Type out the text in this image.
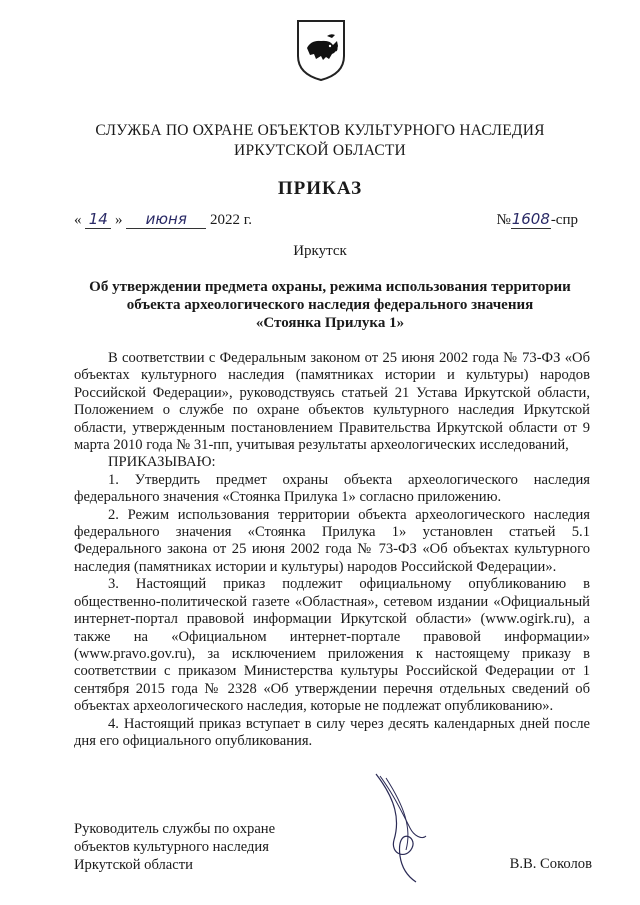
СЛУЖБА ПО ОХРАНЕ ОБЪЕКТОВ КУЛЬТУРНОГО НАСЛЕДИЯ
ИРКУТСКОЙ ОБЛАСТИ
ПРИКАЗ
« 14 » июня 2022 г.	№1608-спр
Иркутск
Об утверждении предмета охраны, режима использования территории
объекта археологического наследия федерального значения
«Стоянка Прилука 1»

В соответствии с Федеральным законом от 25 июня 2002 года № 73-ФЗ «Об объектах культурного наследия (памятниках истории и культуры) народов Российской Федерации», руководствуясь статьей 21 Устава Иркутской области, Положением о службе по охране объектов культурного наследия Иркутской области, утвержденным постановлением Правительства Иркутской области от 9 марта 2010 года № 31-пп, учитывая результаты археологических исследований,

ПРИКАЗЫВАЮ:

1. Утвердить предмет охраны объекта археологического наследия федерального значения «Стоянка Прилука 1» согласно приложению.

2. Режим использования территории объекта археологического наследия федерального значения «Стоянка Прилука 1» установлен статьей 5.1 Федерального закона от 25 июня 2002 года № 73-ФЗ «Об объектах культурного наследия (памятниках истории и культуры) народов Российской Федерации».

3. Настоящий приказ подлежит официальному опубликованию в общественно-политической газете «Областная», сетевом издании «Официальный интернет-портал правовой информации Иркутской области» (www.ogirk.ru), а также на «Официальном интернет-портале правовой информации» (www.pravo.gov.ru), за исключением приложения к настоящему приказу в соответствии с приказом Министерства культуры Российской Федерации от 1 сентября 2015 года № 2328 «Об утверждении перечня отдельных сведений об объектах археологического наследия, которые не подлежат опубликованию».

4. Настоящий приказ вступает в силу через десять календарных дней после дня его официального опубликования.

Руководитель службы по охране
объектов культурного наследия
Иркутской области	В.В. Соколов
